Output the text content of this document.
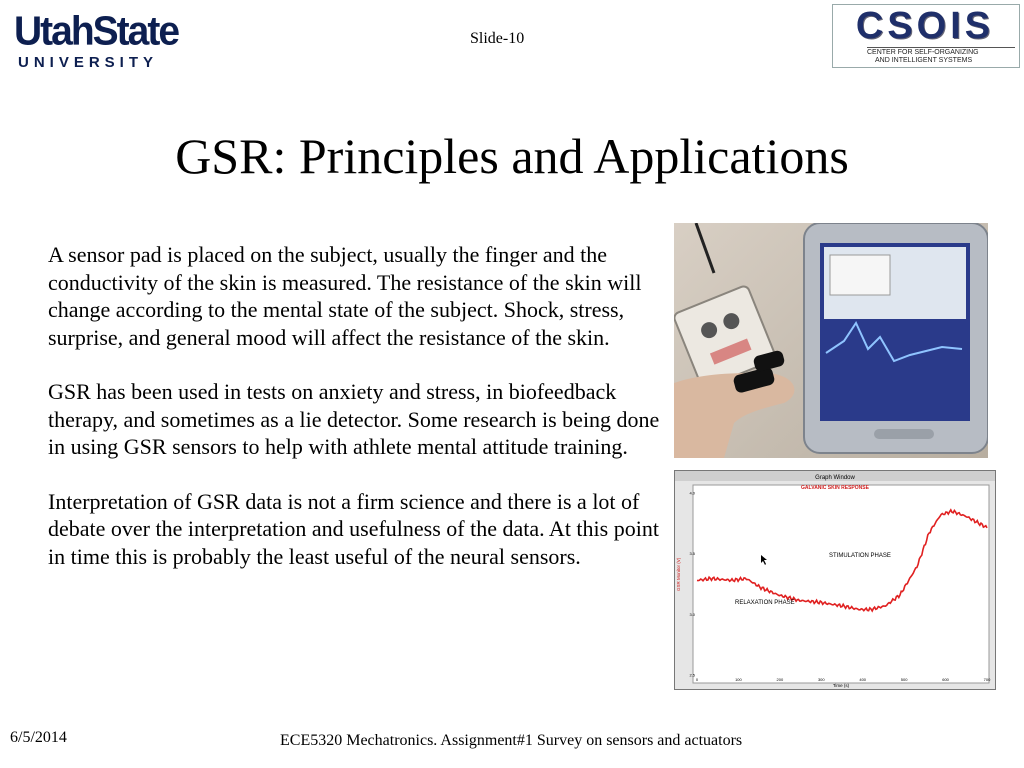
UtahState
UNIVERSITY
Slide-10	CSOIS
CENTER FOR SELF-ORGANIZING
AND INTELLIGENT SYSTEMS
GSR: Principles and Applications

A sensor pad is placed on the subject, usually the finger and the conductivity of the skin is measured. The resistance of the skin will change according to the mental state of the subject. Shock, stress, surprise, and general mood will affect the resistance of the skin.

GSR has been used in tests on anxiety and stress, in biofeedback therapy, and sometimes as a lie detector. Some research is being done in using GSR sensors to help with athlete mental attitude training.

Interpretation of GSR data is not a firm science and there is a lot of debate over the interpretation and usefulness of the data. At this point in time this is probably the least useful of the neural sensors.

Graph Window
GALVANIC SKIN RESPONSE
GSR Monitor (V)
4.0
3.5
3.0
2.5
0	100	200	300	400	500	600	700
Time (s)
STIMULATION PHASE
RELAXATION PHASE
6/5/2014	ECE5320 Mechatronics. Assignment#1 Survey on sensors and actuators
